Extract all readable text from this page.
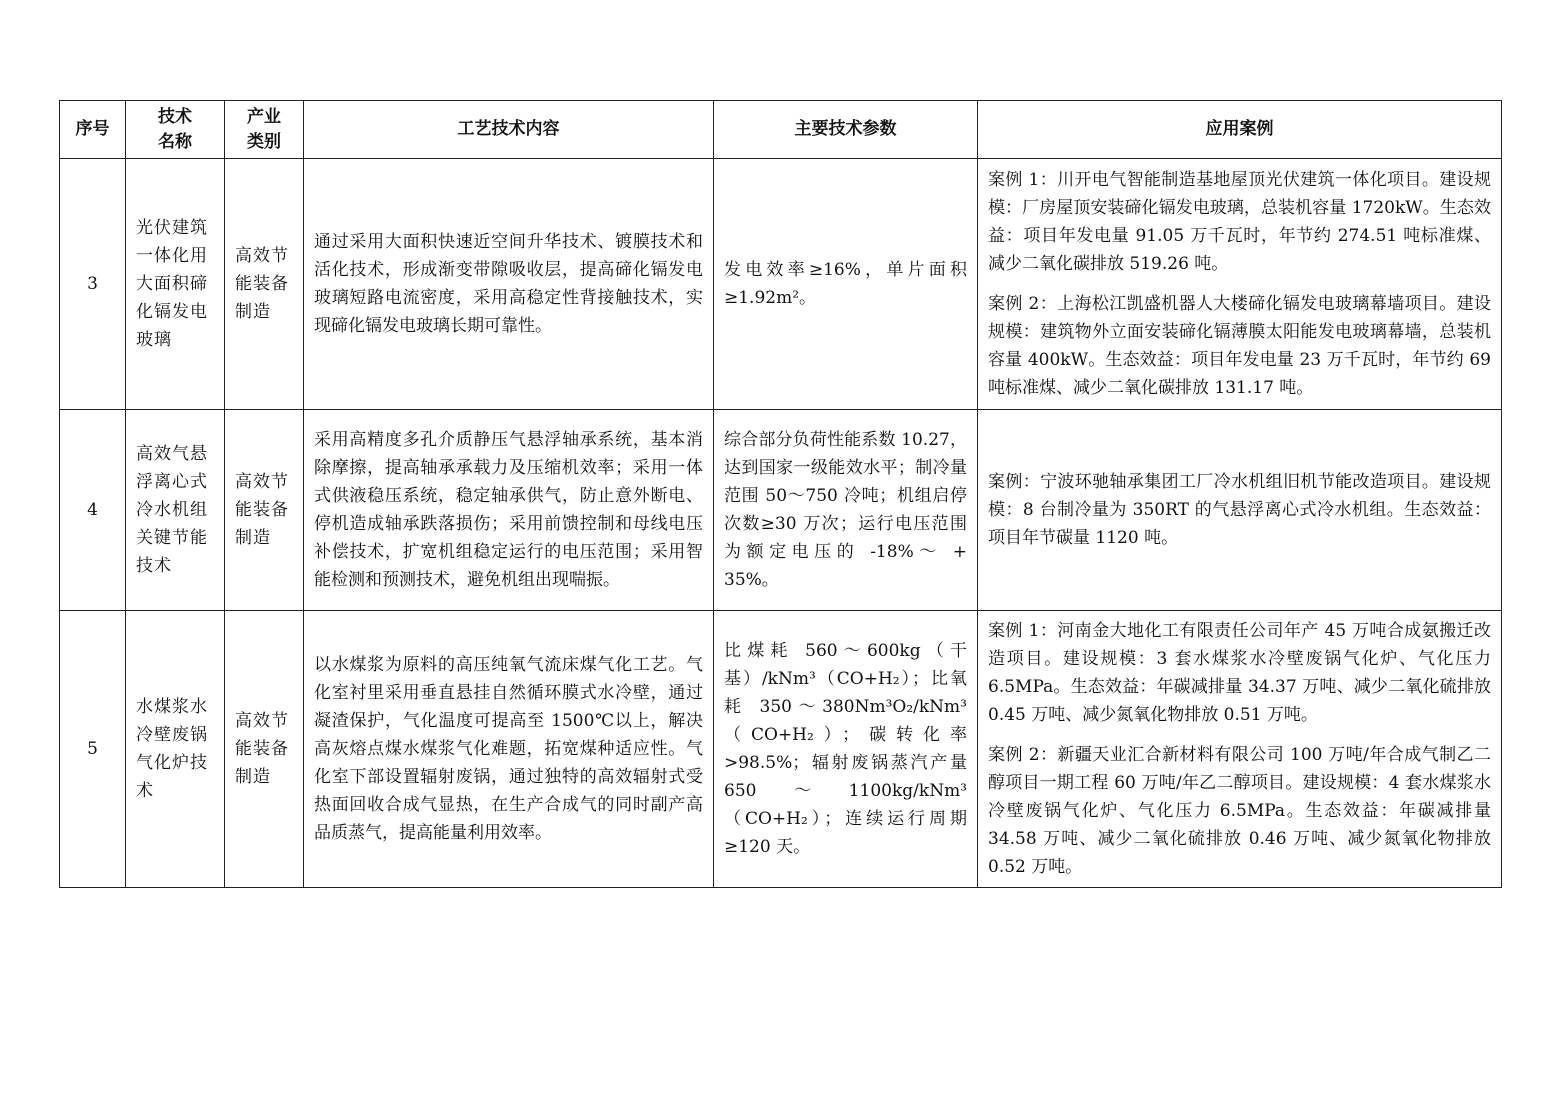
序号	技术名称	产业类别	工艺技术内容	主要技术参数	应用案例
3	光伏建筑一体化用大面积碲化镉发电玻璃	高效节能装备制造	通过采用大面积快速近空间升华技术、镀膜技术和活化技术，形成渐变带隙吸收层，提高碲化镉发电玻璃短路电流密度，采用高稳定性背接触技术，实现碲化镉发电玻璃长期可靠性。	发电效率≥16%，单片面积≥1.92m²。	案例 1：川开电气智能制造基地屋顶光伏建筑一体化项目。建设规模：厂房屋顶安装碲化镉发电玻璃，总装机容量 1720kW。生态效益：项目年发电量 91.05 万千瓦时，年节约 274.51 吨标准煤、减少二氧化碳排放 519.26 吨。

案例 2：上海松江凯盛机器人大楼碲化镉发电玻璃幕墙项目。建设规模：建筑物外立面安装碲化镉薄膜太阳能发电玻璃幕墙，总装机容量 400kW。生态效益：项目年发电量 23 万千瓦时，年节约 69 吨标准煤、减少二氧化碳排放 131.17 吨。

4	高效气悬浮离心式冷水机组关键节能技术	高效节能装备制造	采用高精度多孔介质静压气悬浮轴承系统，基本消除摩擦，提高轴承承载力及压缩机效率；采用一体式供液稳压系统，稳定轴承供气，防止意外断电、停机造成轴承跌落损伤；采用前馈控制和母线电压补偿技术，扩宽机组稳定运行的电压范围；采用智能检测和预测技术，避免机组出现喘振。	综合部分负荷性能系数 10.27，达到国家一级能效水平；制冷量范围 50～750 冷吨；机组启停次数≥30 万次；运行电压范围为额定电压的 -18%～ + 35%。	案例：宁波环驰轴承集团工厂冷水机组旧机节能改造项目。建设规模：8 台制冷量为 350RT 的气悬浮离心式冷水机组。生态效益：项目年节碳量 1120 吨。

5	水煤浆水冷壁废锅气化炉技术	高效节能装备制造	以水煤浆为原料的高压纯氧气流床煤气化工艺。气化室衬里采用垂直悬挂自然循环膜式水冷壁，通过凝渣保护，气化温度可提高至 1500℃以上，解决高灰熔点煤水煤浆气化难题，拓宽煤种适应性。气化室下部设置辐射废锅，通过独特的高效辐射式受热面回收合成气显热，在生产合成气的同时副产高品质蒸气，提高能量利用效率。	比煤耗 560～600kg（干基）/kNm³（CO+H₂）；比氧耗 350～380Nm³O₂/kNm³（CO+H₂）；碳转化率>98.5%；辐射废锅蒸汽产量 650～1100kg/kNm³（CO+H₂）；连续运行周期≥120 天。	案例 1：河南金大地化工有限责任公司年产 45 万吨合成氨搬迁改造项目。建设规模：3 套水煤浆水冷壁废锅气化炉、气化压力 6.5MPa。生态效益：年碳减排量 34.37 万吨、减少二氧化硫排放 0.45 万吨、减少氮氧化物排放 0.51 万吨。

案例 2：新疆天业汇合新材料有限公司 100 万吨/年合成气制乙二醇项目一期工程 60 万吨/年乙二醇项目。建设规模：4 套水煤浆水冷壁废锅气化炉、气化压力 6.5MPa。生态效益：年碳减排量 34.58 万吨、减少二氧化硫排放 0.46 万吨、减少氮氧化物排放 0.52 万吨。
